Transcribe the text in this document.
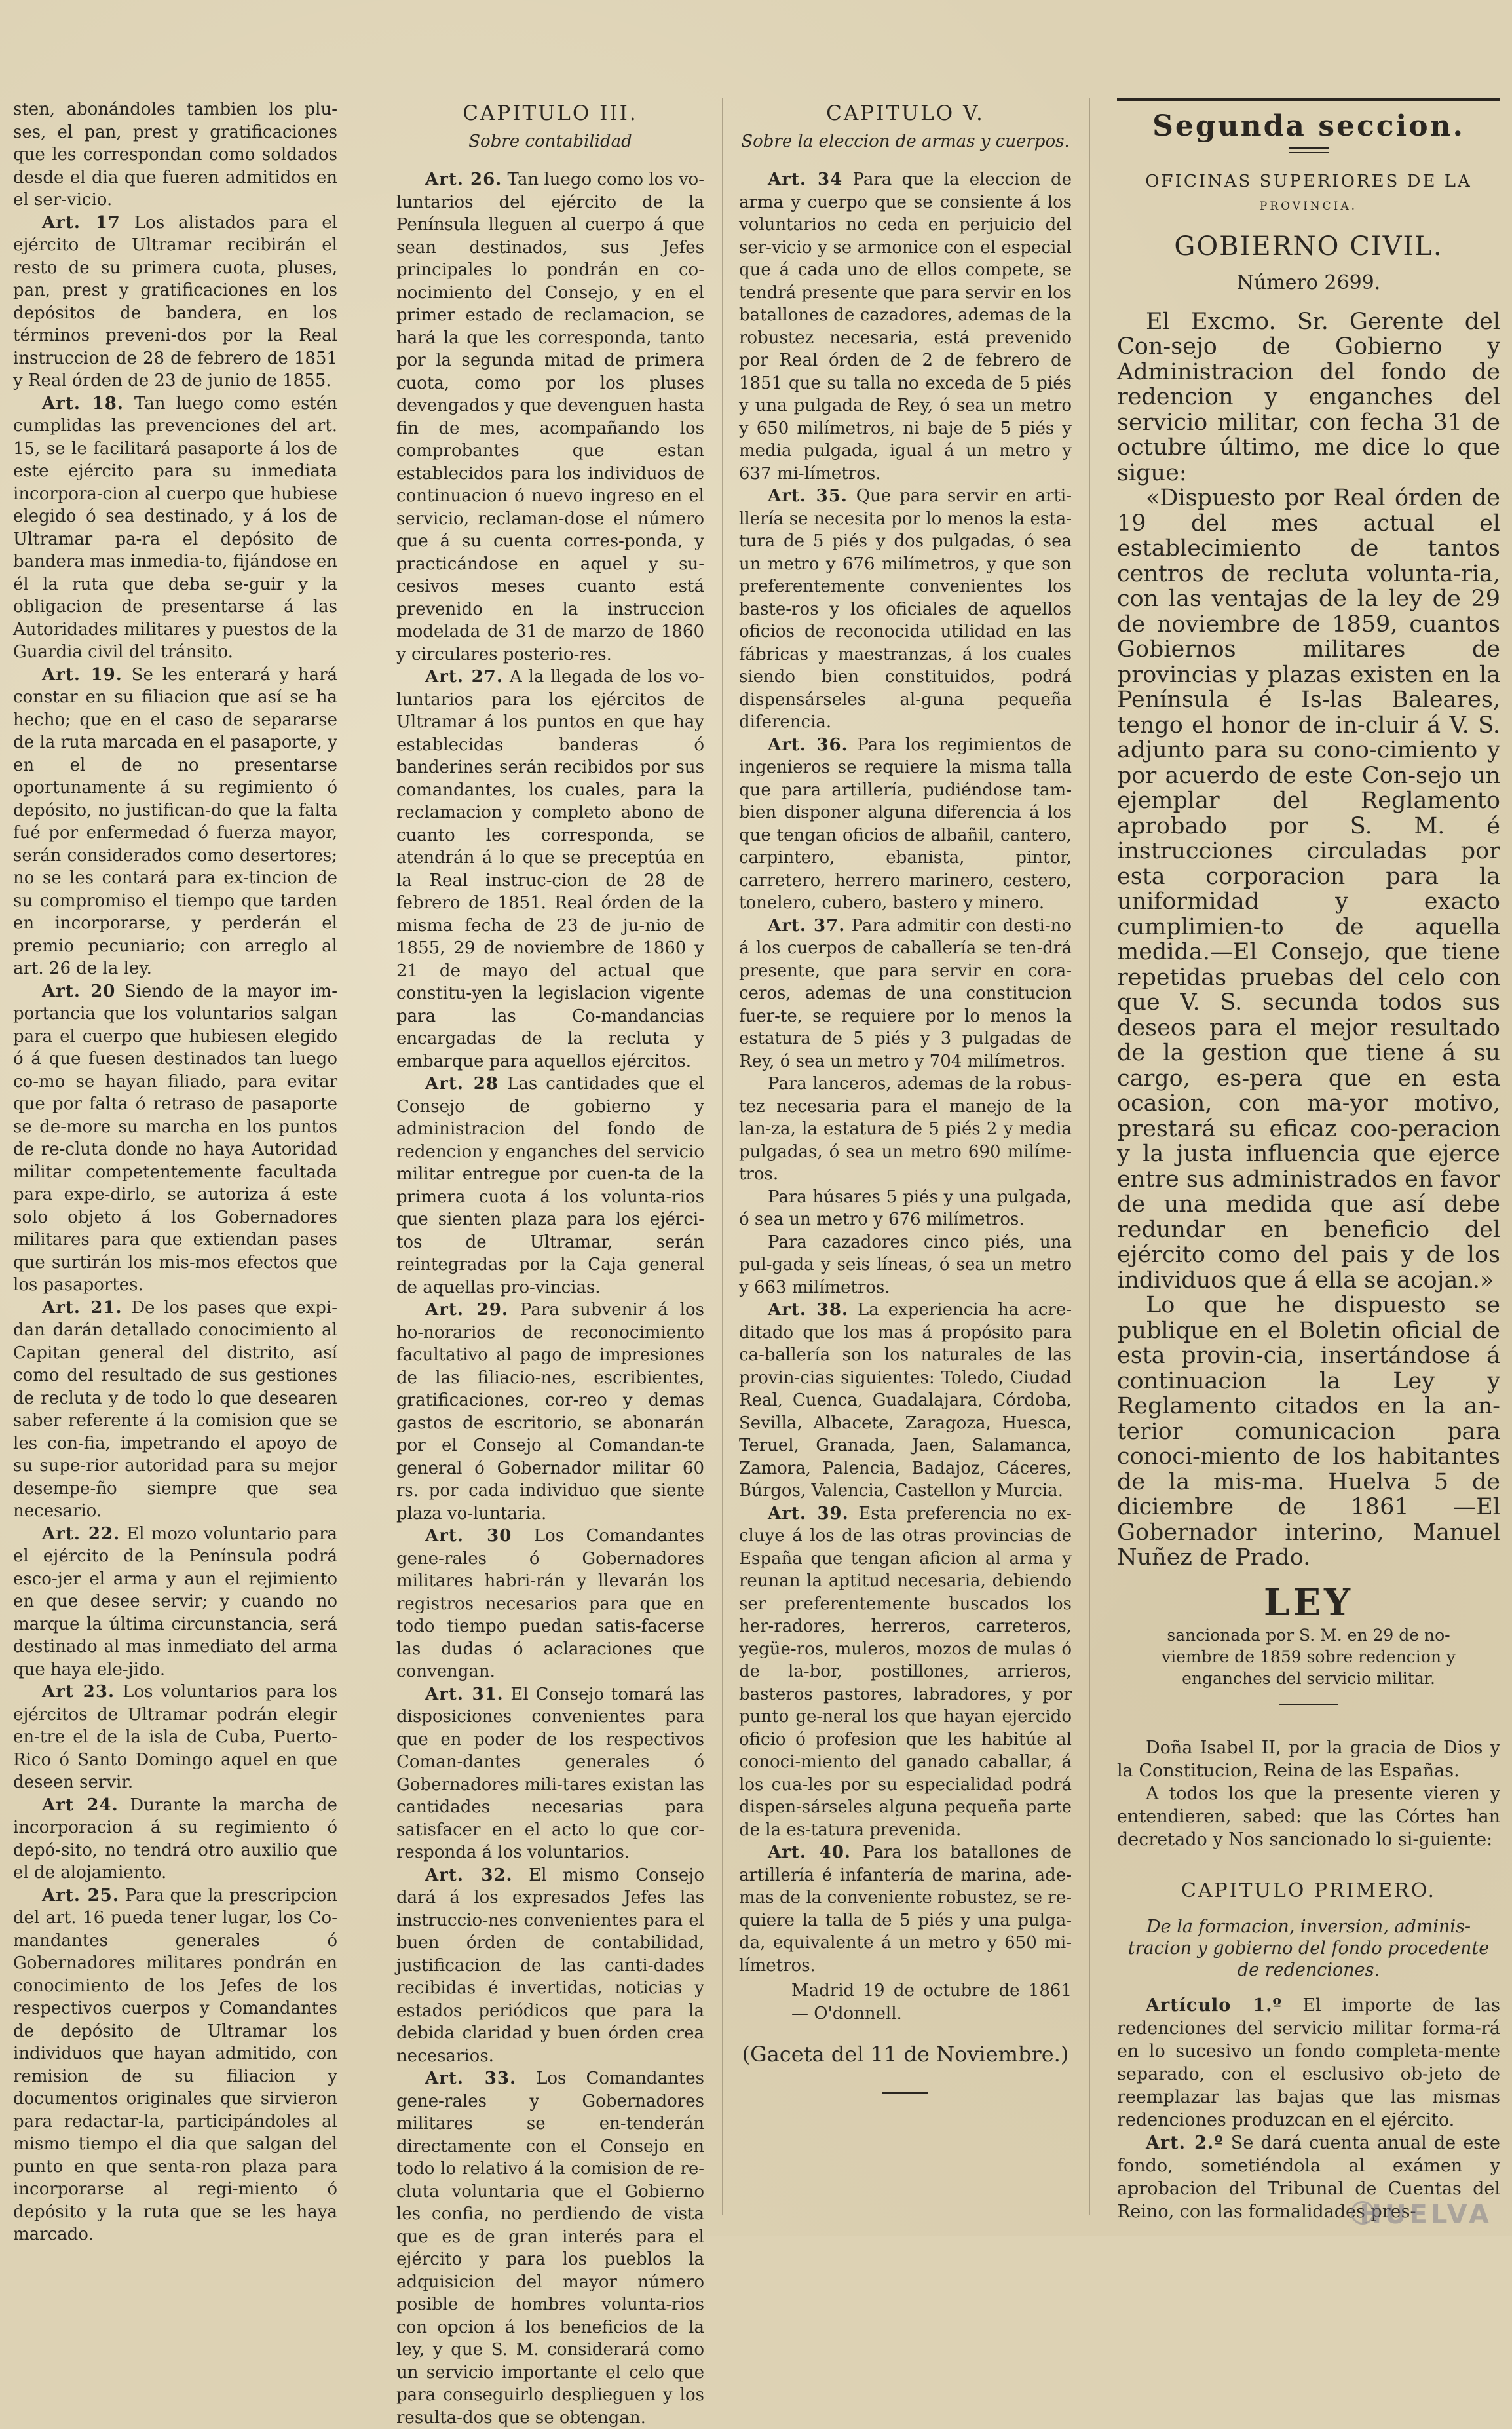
sten, abonándoles tambien los plu-ses, el pan, prest y gratificaciones que les correspondan como soldados desde el dia que fueren admitidos en el ser-vicio.

Art. 17 Los alistados para el ejército de Ultramar recibirán el resto de su primera cuota, pluses, pan, prest y gratificaciones en los depósitos de bandera, en los términos preveni-dos por la Real instruccion de 28 de febrero de 1851 y Real órden de 23 de junio de 1855.

Art. 18. Tan luego como estén cumplidas las prevenciones del art. 15, se le facilitará pasaporte á los de este ejército para su inmediata incorpora-cion al cuerpo que hubiese elegido ó sea destinado, y á los de Ultramar pa-ra el depósito de bandera mas inmedia-to, fijándose en él la ruta que deba se-guir y la obligacion de presentarse á las Autoridades militares y puestos de la Guardia civil del tránsito.

Art. 19. Se les enterará y hará constar en su filiacion que así se ha hecho; que en el caso de separarse de la ruta marcada en el pasaporte, y en el de no presentarse oportunamente á su regimiento ó depósito, no justifican-do que la falta fué por enfermedad ó fuerza mayor, serán considerados como desertores; no se les contará para ex-tincion de su compromiso el tiempo que tarden en incorporarse, y perderán el premio pecuniario; con arreglo al art. 26 de la ley.

Art. 20 Siendo de la mayor im-portancia que los voluntarios salgan para el cuerpo que hubiesen elegido ó á que fuesen destinados tan luego co-mo se hayan filiado, para evitar que por falta ó retraso de pasaporte se de-more su marcha en los puntos de re-cluta donde no haya Autoridad militar competentemente facultada para expe-dirlo, se autoriza á este solo objeto á los Gobernadores militares para que extiendan pases que surtirán los mis-mos efectos que los pasaportes.

Art. 21. De los pases que expi-dan darán detallado conocimiento al Capitan general del distrito, así como del resultado de sus gestiones de recluta y de todo lo que desearen saber referente á la comision que se les con-fia, impetrando el apoyo de su supe-rior autoridad para su mejor desempe-ño siempre que sea necesario.

Art. 22. El mozo voluntario para el ejército de la Península podrá esco-jer el arma y aun el rejimiento en que desee servir; y cuando no marque la última circunstancia, será destinado al mas inmediato del arma que haya ele-jido.

Art 23. Los voluntarios para los ejércitos de Ultramar podrán elegir en-tre el de la isla de Cuba, Puerto-Rico ó Santo Domingo aquel en que deseen servir.

Art 24. Durante la marcha de incorporacion á su regimiento ó depó-sito, no tendrá otro auxilio que el de alojamiento.

Art. 25. Para que la prescripcion del art. 16 pueda tener lugar, los Co-mandantes generales ó Gobernadores militares pondrán en conocimiento de los Jefes de los respectivos cuerpos y Comandantes de depósito de Ultramar los individuos que hayan admitido, con remision de su filiacion y documentos originales que sirvieron para redactar-la, participándoles al mismo tiempo el dia que salgan del punto en que senta-ron plaza para incorporarse al regi-miento ó depósito y la ruta que se les haya marcado.

CAPITULO III.

Sobre contabilidad

Art. 26. Tan luego como los vo-luntarios del ejército de la Península lleguen al cuerpo á que sean destinados, sus Jefes principales lo pondrán en co-nocimiento del Consejo, y en el primer estado de reclamacion, se hará la que les corresponda, tanto por la segunda mitad de primera cuota, como por los pluses devengados y que devenguen hasta fin de mes, acompañando los comprobantes que estan establecidos para los individuos de continuacion ó nuevo ingreso en el servicio, reclaman-dose el número que á su cuenta corres-ponda, y practicándose en aquel y su-cesivos meses cuanto está prevenido en la instruccion modelada de 31 de marzo de 1860 y circulares posterio-res.

Art. 27. A la llegada de los vo-luntarios para los ejércitos de Ultramar á los puntos en que hay establecidas banderas ó banderines serán recibidos por sus comandantes, los cuales, para la reclamacion y completo abono de cuanto les corresponda, se atendrán á lo que se preceptúa en la Real instruc-cion de 28 de febrero de 1851. Real órden de la misma fecha de 23 de ju-nio de 1855, 29 de noviembre de 1860 y 21 de mayo del actual que constitu-yen la legislacion vigente para las Co-mandancias encargadas de la recluta y embarque para aquellos ejércitos.

Art. 28 Las cantidades que el Consejo de gobierno y administracion del fondo de redencion y enganches del servicio militar entregue por cuen-ta de la primera cuota á los volunta-rios que sienten plaza para los ejérci-tos de Ultramar, serán reintegradas por la Caja general de aquellas pro-vincias.

Art. 29. Para subvenir á los ho-norarios de reconocimiento facultativo al pago de impresiones de las filiacio-nes, escribientes, gratificaciones, cor-reo y demas gastos de escritorio, se abonarán por el Consejo al Comandan-te general ó Gobernador militar 60 rs. por cada individuo que siente plaza vo-luntaria.

Art. 30 Los Comandantes gene-rales ó Gobernadores militares habri-rán y llevarán los registros necesarios para que en todo tiempo puedan satis-facerse las dudas ó aclaraciones que convengan.

Art. 31. El Consejo tomará las disposiciones convenientes para que en poder de los respectivos Coman-dantes generales ó Gobernadores mili-tares existan las cantidades necesarias para satisfacer en el acto lo que cor-responda á los voluntarios.

Art. 32. El mismo Consejo dará á los expresados Jefes las instruccio-nes convenientes para el buen órden de contabilidad, justificacion de las canti-dades recibidas é invertidas, noticias y estados periódicos que para la debida claridad y buen órden crea necesarios.

Art. 33. Los Comandantes gene-rales y Gobernadores militares se en-tenderán directamente con el Consejo en todo lo relativo á la comision de re-cluta voluntaria que el Gobierno les confia, no perdiendo de vista que es de gran interés para el ejército y para los pueblos la adquisicion del mayor número posible de hombres volunta-rios con opcion á los beneficios de la ley, y que S. M. considerará como un servicio importante el celo que para conseguirlo desplieguen y los resulta-dos que se obtengan.

CAPITULO V.

Sobre la eleccion de armas y cuerpos.

Art. 34 Para que la eleccion de arma y cuerpo que se consiente á los voluntarios no ceda en perjuicio del ser-vicio y se armonice con el especial que á cada uno de ellos compete, se tendrá presente que para servir en los batallones de cazadores, ademas de la robustez necesaria, está prevenido por Real órden de 2 de febrero de 1851 que su talla no exceda de 5 piés y una pulgada de Rey, ó sea un metro y 650 milímetros, ni baje de 5 piés y media pulgada, igual á un metro y 637 mi-límetros.

Art. 35. Que para servir en arti-llería se necesita por lo menos la esta-tura de 5 piés y dos pulgadas, ó sea un metro y 676 milímetros, y que son preferentemente convenientes los baste-ros y los oficiales de aquellos oficios de reconocida utilidad en las fábricas y maestranzas, á los cuales siendo bien constituidos, podrá dispensárseles al-guna pequeña diferencia.

Art. 36. Para los regimientos de ingenieros se requiere la misma talla que para artillería, pudiéndose tam-bien disponer alguna diferencia á los que tengan oficios de albañil, cantero, carpintero, ebanista, pintor, carretero, herrero marinero, cestero, tonelero, cubero, bastero y minero.

Art. 37. Para admitir con desti-no á los cuerpos de caballería se ten-drá presente, que para servir en cora-ceros, ademas de una constitucion fuer-te, se requiere por lo menos la estatura de 5 piés y 3 pulgadas de Rey, ó sea un metro y 704 milímetros.

Para lanceros, ademas de la robus-tez necesaria para el manejo de la lan-za, la estatura de 5 piés 2 y media pulgadas, ó sea un metro 690 milíme-tros.

Para húsares 5 piés y una pulgada, ó sea un metro y 676 milímetros.

Para cazadores cinco piés, una pul-gada y seis líneas, ó sea un metro y 663 milímetros.

Art. 38. La experiencia ha acre-ditado que los mas á propósito para ca-ballería son los naturales de las provin-cias siguientes: Toledo, Ciudad Real, Cuenca, Guadalajara, Córdoba, Sevilla, Albacete, Zaragoza, Huesca, Teruel, Granada, Jaen, Salamanca, Zamora, Palencia, Badajoz, Cáceres, Búrgos, Valencia, Castellon y Murcia.

Art. 39. Esta preferencia no ex-cluye á los de las otras provincias de España que tengan aficion al arma y reunan la aptitud necesaria, debiendo ser preferentemente buscados los her-radores, herreros, carreteros, yegüe-ros, muleros, mozos de mulas ó de la-bor, postillones, arrieros, basteros pastores, labradores, y por punto ge-neral los que hayan ejercido oficio ó profesion que les habitúe al conoci-miento del ganado caballar, á los cua-les por su especialidad podrá dispen-sárseles alguna pequeña parte de la es-tatura prevenida.

Art. 40. Para los batallones de artillería é infantería de marina, ade-mas de la conveniente robustez, se re-quiere la talla de 5 piés y una pulga-da, equivalente á un metro y 650 mi-límetros.

Madrid 19 de octubre de 1861 — O'donnell.

(Gaceta del 11 de Noviembre.)

Segunda seccion.

OFICINAS SUPERIORES DE LA

PROVINCIA.

GOBIERNO CIVIL.

Número 2699.

El Excmo. Sr. Gerente del Con-sejo de Gobierno y Administracion del fondo de redencion y enganches del servicio militar, con fecha 31 de octubre último, me dice lo que sigue:

«Dispuesto por Real órden de 19 del mes actual el establecimiento de tantos centros de recluta volunta-ria, con las ventajas de la ley de 29 de noviembre de 1859, cuantos Gobiernos militares de provincias y plazas existen en la Península é Is-las Baleares, tengo el honor de in-cluir á V. S. adjunto para su cono-cimiento y por acuerdo de este Con-sejo un ejemplar del Reglamento aprobado por S. M. é instrucciones circuladas por esta corporacion para la uniformidad y exacto cumplimien-to de aquella medida.—El Consejo, que tiene repetidas pruebas del celo con que V. S. secunda todos sus deseos para el mejor resultado de la gestion que tiene á su cargo, es-pera que en esta ocasion, con ma-yor motivo, prestará su eficaz coo-peracion y la justa influencia que ejerce entre sus administrados en favor de una medida que así debe redundar en beneficio del ejército como del pais y de los individuos que á ella se acojan.»

Lo que he dispuesto se publique en el Boletin oficial de esta provin-cia, insertándose á continuacion la Ley y Reglamento citados en la an-terior comunicacion para conoci-miento de los habitantes de la mis-ma. Huelva 5 de diciembre de 1861 —El Gobernador interino, Manuel Nuñez de Prado.

LEY

sancionada por S. M. en 29 de no-viembre de 1859 sobre redencion y enganches del servicio militar.

Doña Isabel II, por la gracia de Dios y la Constitucion, Reina de las Españas.

A todos los que la presente vieren y entendieren, sabed: que las Córtes han decretado y Nos sancionado lo si-guiente:

CAPITULO PRIMERO.

De la formacion, inversion, adminis-tracion y gobierno del fondo procedente de redenciones.

Artículo 1.º El importe de las redenciones del servicio militar forma-rá en lo sucesivo un fondo completa-mente separado, con el esclusivo ob-jeto de reemplazar las bajas que las mismas redenciones produzcan en el ejército.

Art. 2.º Se dará cuenta anual de este fondo, sometiéndola al exámen y aprobacion del Tribunal de Cuentas del Reino, con las formalidades pres-

HUELVA
